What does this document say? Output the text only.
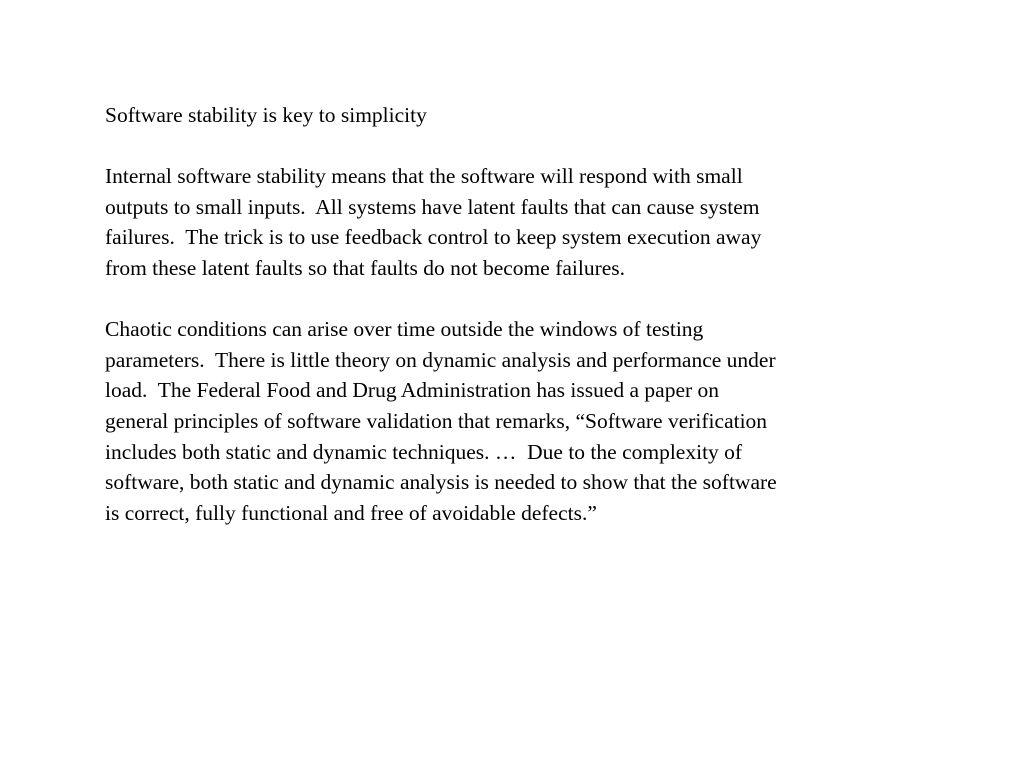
Software stability is key to simplicity
Internal software stability means that the software will respond with small
outputs to small inputs.  All systems have latent faults that can cause system
failures.  The trick is to use feedback control to keep system execution away
from these latent faults so that faults do not become failures.
Chaotic conditions can arise over time outside the windows of testing
parameters.  There is little theory on dynamic analysis and performance under
load.  The Federal Food and Drug Administration has issued a paper on
general principles of software validation that remarks, “Software verification
includes both static and dynamic techniques. …  Due to the complexity of
software, both static and dynamic analysis is needed to show that the software
is correct, fully functional and free of avoidable defects.”
